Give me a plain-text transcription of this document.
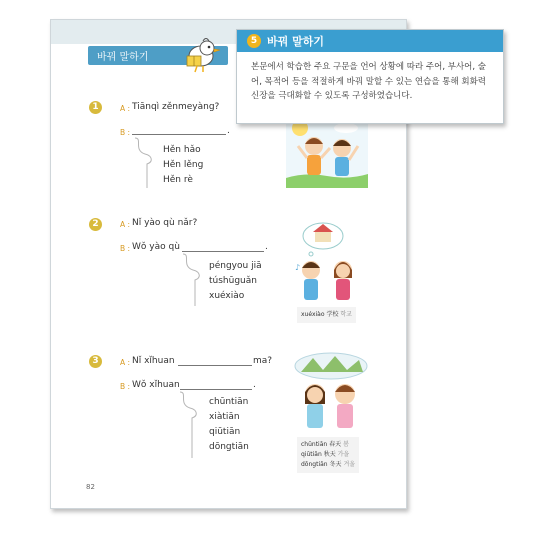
바꿔 말하기
1	A : Tiānqì zěnmeyàng?
B :	.
Hěn hǎo
Hěn lěng
Hěn rè
2	A : Nǐ yào qù nǎr?
B : Wǒ yào qù	.
péngyou jiā
túshūguǎn
xuéxiào
♪
xuéxiào 学校 학교
3	A : Nǐ xǐhuan	ma?
B : Wǒ xǐhuan	.
chūntiān
xiàtiān
qiūtiān
dōngtiān	chūntiān 春天 봄
qiūtiān 秋天 가을
dōngtiān 冬天 겨울
82
5 바꿔 말하기
본문에서 학습한 주요 구문을 언어 상황에 따라 주어, 부사어, 술어, 목적어 등을 적절하게 바꿔 말할 수 있는 연습을 통해 회화력 신장을 극대화할 수 있도록 구성하였습니다.
